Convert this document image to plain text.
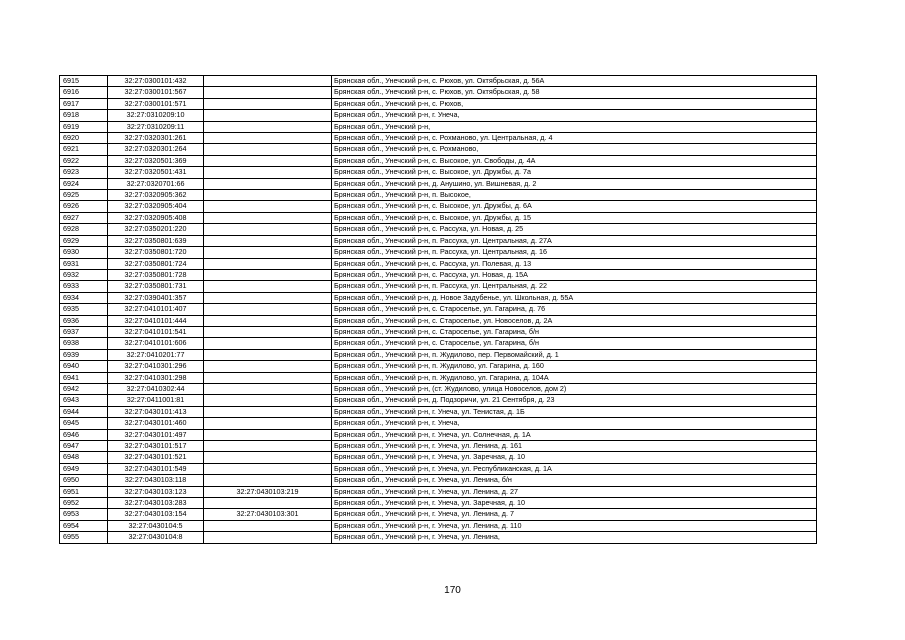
6915	32:27:0300101:432		Брянская обл., Унечский р-н, с. Рюхов, ул. Октябрьская, д. 56А
6916	32:27:0300101:567		Брянская обл., Унечский р-н, с. Рюхов, ул. Октябрьская, д. 58
6917	32:27:0300101:571		Брянская обл., Унечский р-н, с. Рюхов,
6918	32:27:0310209:10		Брянская обл., Унечский р-н, г. Унеча,
6919	32:27:0310209:11		Брянская обл., Унечский р-н,
6920	32:27:0320301:261		Брянская обл., Унечский р-н, с. Рохманово, ул. Центральная, д. 4
6921	32:27:0320301:264		Брянская обл., Унечский р-н, с. Рохманово,
6922	32:27:0320501:369		Брянская обл., Унечский р-н, с. Высокое, ул. Свободы, д. 4А
6923	32:27:0320501:431		Брянская обл., Унечский р-н, с. Высокое, ул. Дружбы, д. 7а
6924	32:27:0320701:66		Брянская обл., Унечский р-н, д. Анушино, ул. Вишневая, д. 2
6925	32:27:0320905:362		Брянская обл., Унечский р-н, п. Высокое,
6926	32:27:0320905:404		Брянская обл., Унечский р-н, с. Высокое, ул. Дружбы, д. 6А
6927	32:27:0320905:408		Брянская обл., Унечский р-н, с. Высокое, ул. Дружбы, д. 15
6928	32:27:0350201:220		Брянская обл., Унечский р-н, с. Рассуха, ул. Новая, д. 25
6929	32:27:0350801:639		Брянская обл., Унечский р-н, п. Рассуха, ул. Центральная, д. 27А
6930	32:27:0350801:720		Брянская обл., Унечский р-н, п. Рассуха, ул. Центральная, д. 16
6931	32:27:0350801:724		Брянская обл., Унечский р-н, с. Рассуха, ул. Полевая, д. 13
6932	32:27:0350801:728		Брянская обл., Унечский р-н, с. Рассуха, ул. Новая, д. 15А
6933	32:27:0350801:731		Брянская обл., Унечский р-н, п. Рассуха, ул. Центральная, д. 22
6934	32:27:0390401:357		Брянская обл., Унечский р-н, д. Новое Задубенье, ул. Школьная, д. 55А
6935	32:27:0410101:407		Брянская обл., Унечский р-н, с. Старосельe, ул. Гагарина, д. 76
6936	32:27:0410101:444		Брянская обл., Унечский р-н, с. Старосельe, ул. Новоселов, д. 2А
6937	32:27:0410101:541		Брянская обл., Унечский р-н, с. Старосельe, ул. Гагарина, б/н
6938	32:27:0410101:606		Брянская обл., Унечский р-н, с. Старосельe, ул. Гагарина, б/н
6939	32:27:0410201:77		Брянская обл., Унечский р-н, п. Жудилово, пер. Первомайский, д. 1
6940	32:27:0410301:296		Брянская обл., Унечский р-н, п. Жудилово, ул. Гагарина, д. 160
6941	32:27:0410301:298		Брянская обл., Унечский р-н, п. Жудилово, ул. Гагарина, д. 104А
6942	32:27:0410302:44		Брянская обл., Унечский р-н, (ст. Жудилово, улица Новоселов, дом 2)
6943	32:27:0411001:81		Брянская обл., Унечский р-н, д. Подзоричи, ул. 21 Сентября, д. 23
6944	32:27:0430101:413		Брянская обл., Унечский р-н, г. Унеча, ул. Тенистая, д. 1Б
6945	32:27:0430101:460		Брянская обл., Унечский р-н, г. Унеча,
6946	32:27:0430101:497		Брянская обл., Унечский р-н, г. Унеча, ул. Солнечная, д. 1А
6947	32:27:0430101:517		Брянская обл., Унечский р-н, г. Унеча, ул. Ленина, д. 161
6948	32:27:0430101:521		Брянская обл., Унечский р-н, г. Унеча, ул. Заречная, д. 10
6949	32:27:0430101:549		Брянская обл., Унечский р-н, г. Унеча, ул. Республиканская, д. 1А
6950	32:27:0430103:118		Брянская обл., Унечский р-н, г. Унеча, ул. Ленина, б/н
6951	32:27:0430103:123	32:27:0430103:219	Брянская обл., Унечский р-н, г. Унеча, ул. Ленина, д. 27
6952	32:27:0430103:283		Брянская обл., Унечский р-н, г. Унеча, ул. Заречная, д. 10
6953	32:27:0430103:154	32:27:0430103:301	Брянская обл., Унечский р-н, г. Унеча, ул. Ленина, д. 7
6954	32:27:0430104:5		Брянская обл., Унечский р-н, г. Унеча, ул. Ленина, д. 110
6955	32:27:0430104:8		Брянская обл., Унечский р-н, г. Унеча, ул. Ленина,
170
